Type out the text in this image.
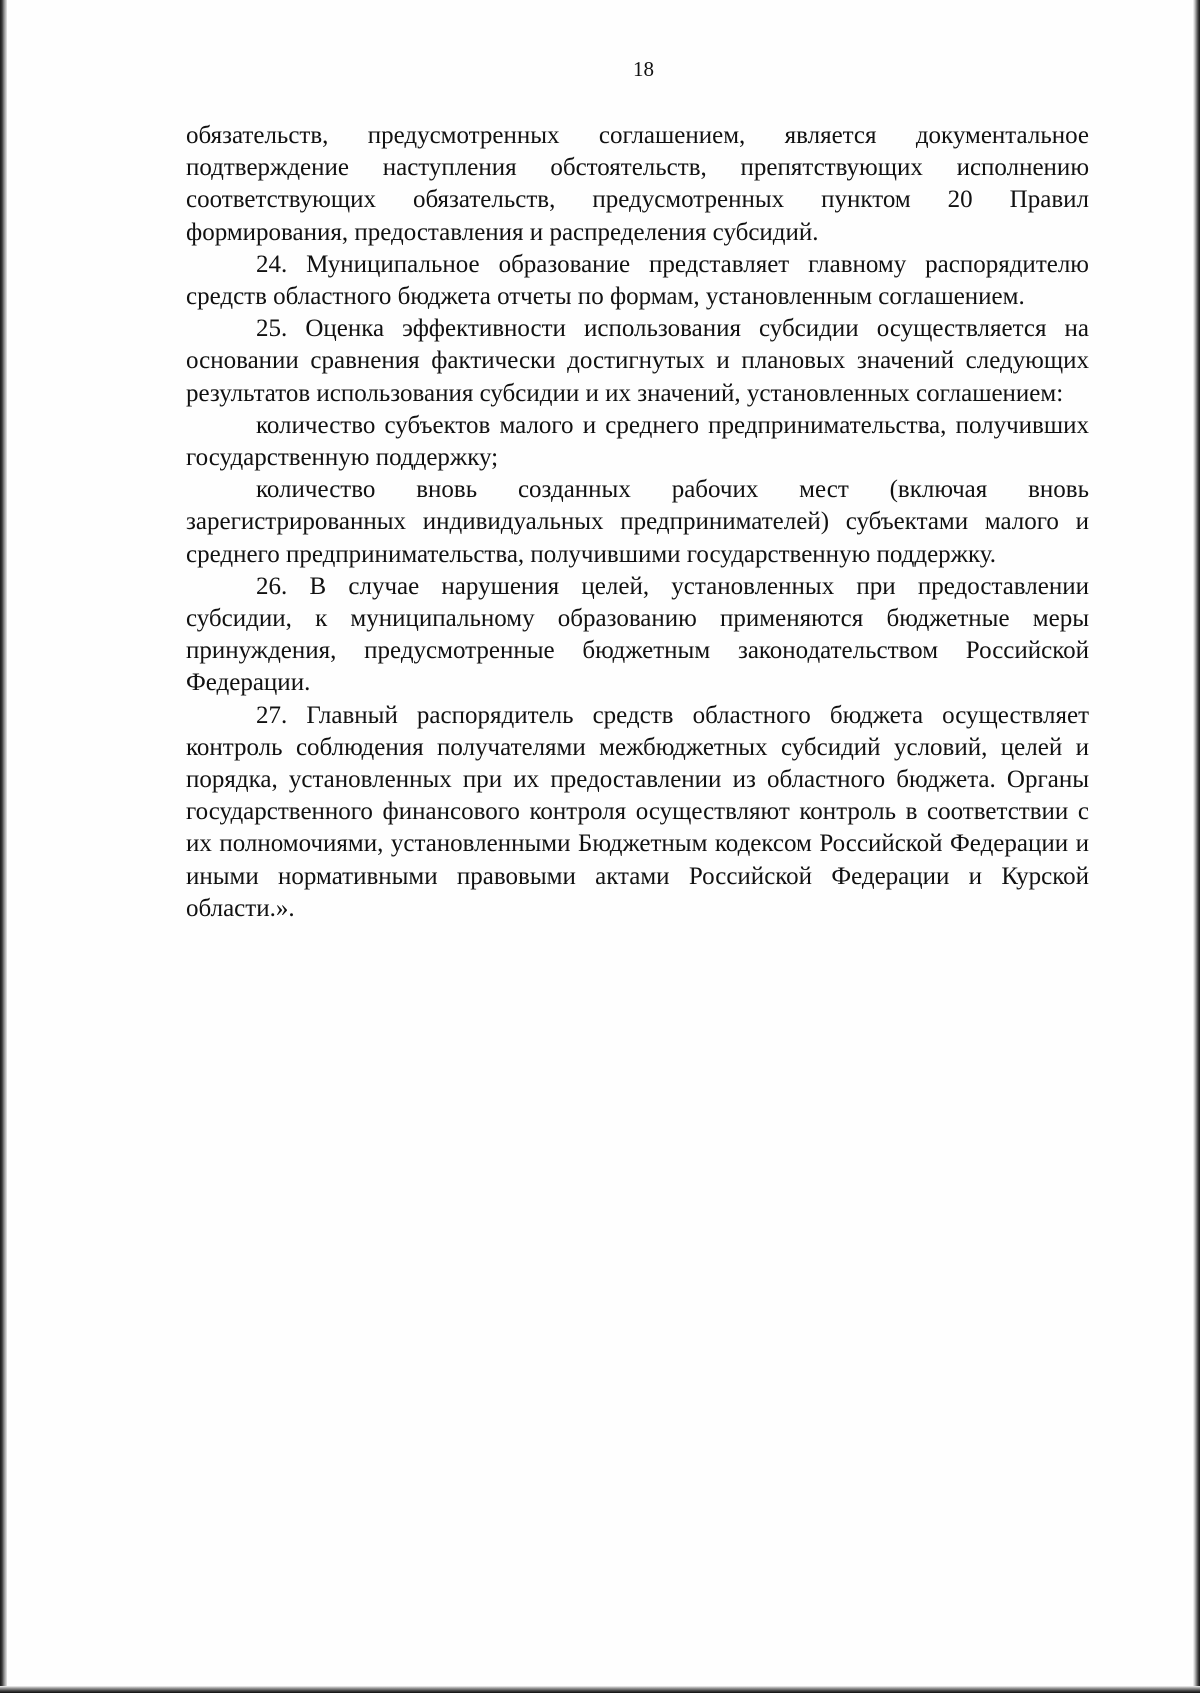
18

обязательств, предусмотренных соглашением, является документальное подтверждение наступления обстоятельств, препятствующих исполнению соответствующих обязательств, предусмотренных пунктом 20 Правил формирования, предоставления и распределения субсидий.

24. Муниципальное образование представляет главному распорядителю средств областного бюджета отчеты по формам, установленным соглашением.

25. Оценка эффективности использования субсидии осуществляется на основании сравнения фактически достигнутых и плановых значений следующих результатов использования субсидии и их значений, установленных соглашением:

количество субъектов малого и среднего предпринимательства, получивших государственную поддержку;

количество вновь созданных рабочих мест (включая вновь зарегистрированных индивидуальных предпринимателей) субъектами малого и среднего предпринимательства, получившими государственную поддержку.

26. В случае нарушения целей, установленных при предоставлении субсидии, к муниципальному образованию применяются бюджетные меры принуждения, предусмотренные бюджетным законодательством Российской Федерации.

27. Главный распорядитель средств областного бюджета осуществляет контроль соблюдения получателями межбюджетных субсидий условий, целей и порядка, установленных при их предоставлении из областного бюджета. Органы государственного финансового контроля осуществляют контроль в соответствии с их полномочиями, установленными Бюджетным кодексом Российской Федерации и иными нормативными правовыми актами Российской Федерации и Курской области.».
